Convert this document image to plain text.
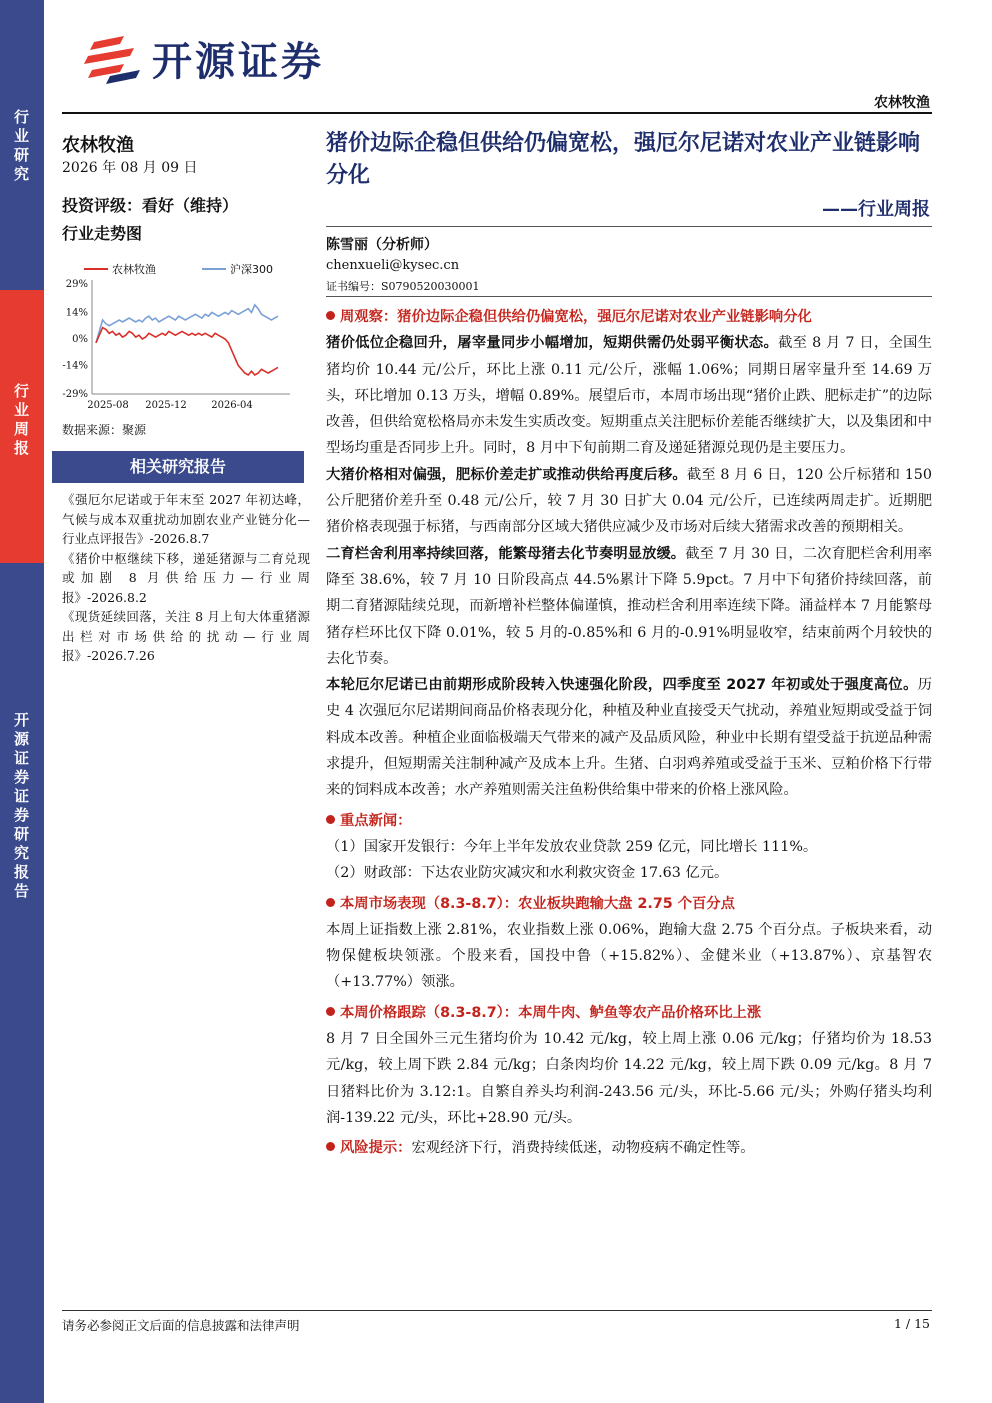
行业研究
行业周报
开源证券 证券研究报告
开源证券
农林牧渔
农林牧渔
2026 年 08 月 09 日
投资评级：看好（维持）
行业走势图
农林牧渔	沪深300
29%
14%
0%
-14%
-29%
2025-08 2025-12 2026-04
数据来源：聚源
相关研究报告

《强厄尔尼诺或于年末至 2027 年初达峰，气候与成本双重扰动加剧农业产业链分化—行业点评报告》-2026.8.7

《猪价中枢继续下移，递延猪源与二育兑现或加剧 8 月供给压力—行业周报》-2026.8.2

《现货延续回落，关注 8 月上旬大体重猪源出栏对市场供给的扰动—行业周报》-2026.7.26

猪价边际企稳但供给仍偏宽松，强厄尔尼诺对农业产业链影响分化
——行业周报
陈雪丽（分析师）
chenxueli@kysec.cn
证书编号：S0790520030001
周观察：猪价边际企稳但供给仍偏宽松，强厄尔尼诺对农业产业链影响分化

猪价低位企稳回升，屠宰量同步小幅增加，短期供需仍处弱平衡状态。截至 8 月 7 日，全国生猪均价 10.44 元/公斤，环比上涨 0.11 元/公斤，涨幅 1.06%；同期日屠宰量升至 14.69 万头，环比增加 0.13 万头，增幅 0.89%。展望后市，本周市场出现“猪价止跌、肥标走扩”的边际改善，但供给宽松格局亦未发生实质改变。短期重点关注肥标价差能否继续扩大，以及集团和中型场均重是否同步上升。同时，8 月中下旬前期二育及递延猪源兑现仍是主要压力。

大猪价格相对偏强，肥标价差走扩或推动供给再度后移。截至 8 月 6 日，120 公斤标猪和 150 公斤肥猪价差升至 0.48 元/公斤，较 7 月 30 日扩大 0.04 元/公斤，已连续两周走扩。近期肥猪价格表现强于标猪，与西南部分区域大猪供应减少及市场对后续大猪需求改善的预期相关。

二育栏舍利用率持续回落，能繁母猪去化节奏明显放缓。截至 7 月 30 日，二次育肥栏舍利用率降至 38.6%，较 7 月 10 日阶段高点 44.5%累计下降 5.9pct。7 月中下旬猪价持续回落，前期二育猪源陆续兑现，而新增补栏整体偏谨慎，推动栏舍利用率连续下降。涌益样本 7 月能繁母猪存栏环比仅下降 0.01%，较 5 月的-0.85%和 6 月的-0.91%明显收窄，结束前两个月较快的去化节奏。

本轮厄尔尼诺已由前期形成阶段转入快速强化阶段，四季度至 2027 年初或处于强度高位。历史 4 次强厄尔尼诺期间商品价格表现分化，种植及种业直接受天气扰动，养殖业短期或受益于饲料成本改善。种植企业面临极端天气带来的减产及品质风险，种业中长期有望受益于抗逆品种需求提升，但短期需关注制种减产及成本上升。生猪、白羽鸡养殖或受益于玉米、豆粕价格下行带来的饲料成本改善；水产养殖则需关注鱼粉供给集中带来的价格上涨风险。

重点新闻：

（1）国家开发银行：今年上半年发放农业贷款 259 亿元，同比增长 111%。

（2）财政部：下达农业防灾减灾和水利救灾资金 17.63 亿元。

本周市场表现（8.3-8.7）：农业板块跑输大盘 2.75 个百分点

本周上证指数上涨 2.81%，农业指数上涨 0.06%，跑输大盘 2.75 个百分点。子板块来看，动物保健板块领涨。个股来看，国投中鲁（+15.82%）、金健米业（+13.87%）、京基智农（+13.77%）领涨。

本周价格跟踪（8.3-8.7）：本周牛肉、鲈鱼等农产品价格环比上涨

8 月 7 日全国外三元生猪均价为 10.42 元/kg，较上周上涨 0.06 元/kg；仔猪均价为 18.53 元/kg，较上周下跌 2.84 元/kg；白条肉均价 14.22 元/kg，较上周下跌 0.09 元/kg。8 月 7 日猪料比价为 3.12:1。自繁自养头均利润-243.56 元/头，环比-5.66 元/头；外购仔猪头均利润-139.22 元/头，环比+28.90 元/头。

风险提示：宏观经济下行，消费持续低迷，动物疫病不确定性等。
请务必参阅正文后面的信息披露和法律声明	1 / 15
